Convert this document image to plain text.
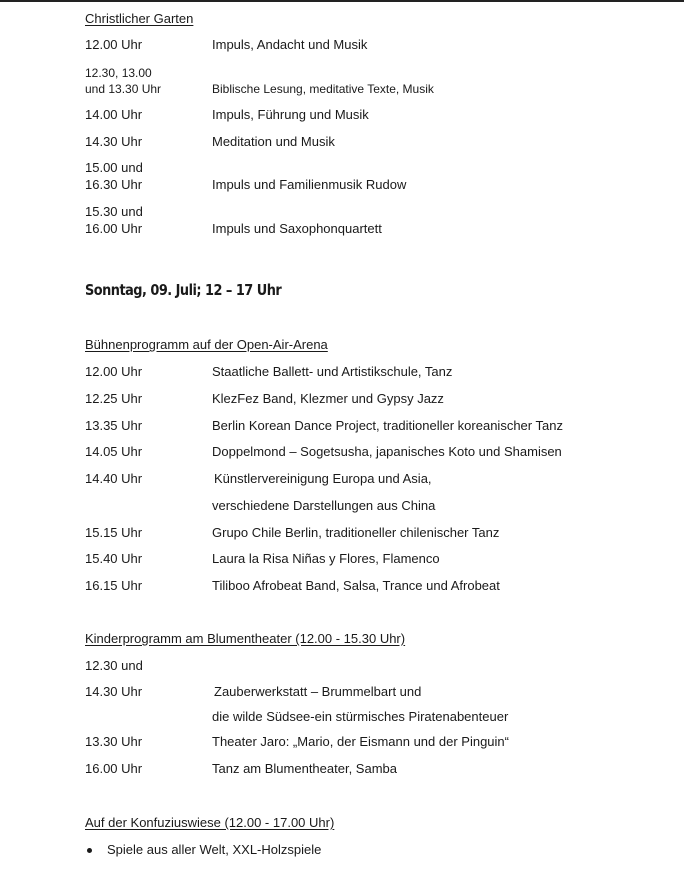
Christlicher Garten
12.00 Uhr	Impuls, Andacht und Musik
12.30, 13.00
und 13.30 Uhr	Biblische Lesung, meditative Texte, Musik
14.00 Uhr	Impuls, Führung und Musik
14.30 Uhr	Meditation und Musik
15.00 und
16.30 Uhr	Impuls und Familienmusik Rudow
15.30 und
16.00 Uhr	Impuls und Saxophonquartett
Sonntag, 09. Juli; 12 – 17 Uhr
Bühnenprogramm auf der Open-Air-Arena
12.00 Uhr	Staatliche Ballett- und Artistikschule, Tanz
12.25 Uhr	KlezFez Band, Klezmer und Gypsy Jazz
13.35 Uhr	Berlin Korean Dance Project, traditioneller koreanischer Tanz
14.05 Uhr	Doppelmond – Sogetsusha, japanisches Koto und Shamisen
14.40 Uhr	Künstlervereinigung Europa und Asia,
verschiedene Darstellungen aus China
15.15 Uhr	Grupo Chile Berlin, traditioneller chilenischer Tanz
15.40 Uhr	Laura la Risa Niñas y Flores, Flamenco
16.15 Uhr	Tiliboo Afrobeat Band, Salsa, Trance und Afrobeat
Kinderprogramm am Blumentheater (12.00 - 15.30 Uhr)
12.30 und
14.30 Uhr	Zauberwerkstatt – Brummelbart und
die wilde Südsee-ein stürmisches Piratenabenteuer
13.30 Uhr	Theater Jaro: „Mario, der Eismann und der Pinguin“
16.00 Uhr	Tanz am Blumentheater, Samba
Auf der Konfuziuswiese (12.00 - 17.00 Uhr)
Spiele aus aller Welt, XXL-Holzspiele
